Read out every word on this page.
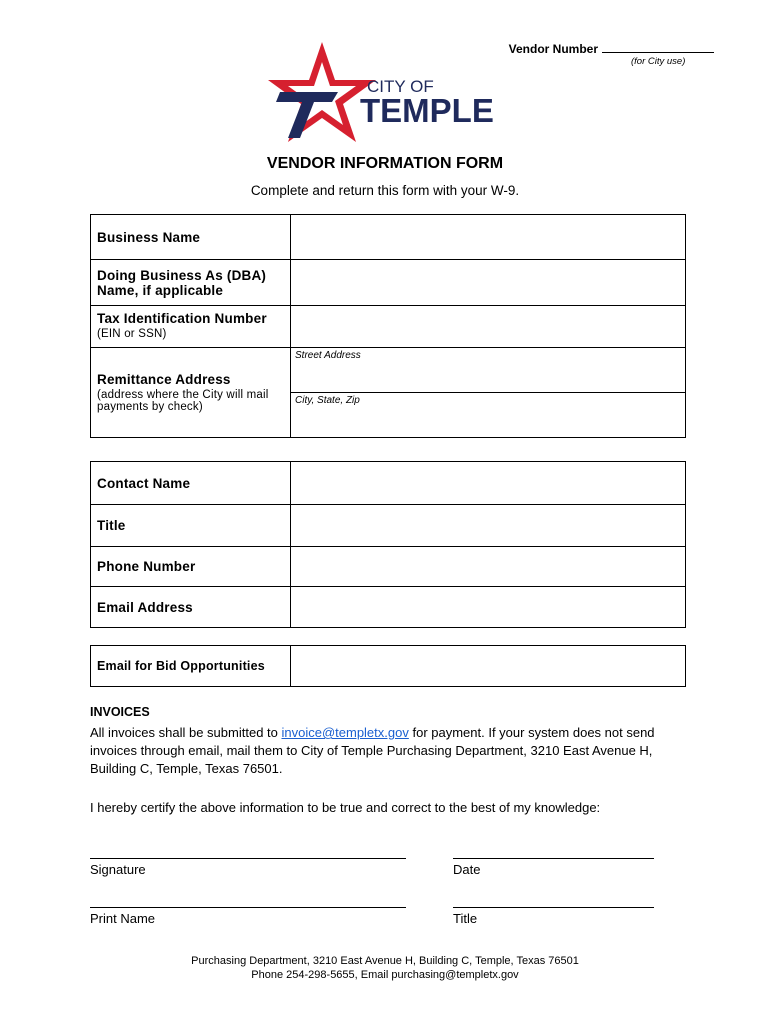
Vendor Number
(for City use)
CITY OF
TEMPLE
VENDOR INFORMATION FORM
Complete and return this form with your W-9.
Business Name	
Doing Business As (DBA)
Name, if applicable	
Tax Identification Number
(EIN or SSN)	

Remittance Address
(address where the City will mail payments by check)	Street Address

	City, State, Zip
Contact Name	
Title	
Phone Number	
Email Address	
Email for Bid Opportunities	
INVOICES
All invoices shall be submitted to invoice@templetx.gov for payment. If your system does not send invoices through email, mail them to City of Temple Purchasing Department, 3210 East Avenue H, Building C, Temple, Texas 76501.
I hereby certify the above information to be true and correct to the best of my knowledge:
Signature	Date
Print Name	Title
Purchasing Department, 3210 East Avenue H, Building C, Temple, Texas 76501
Phone 254-298-5655, Email purchasing@templetx.gov
